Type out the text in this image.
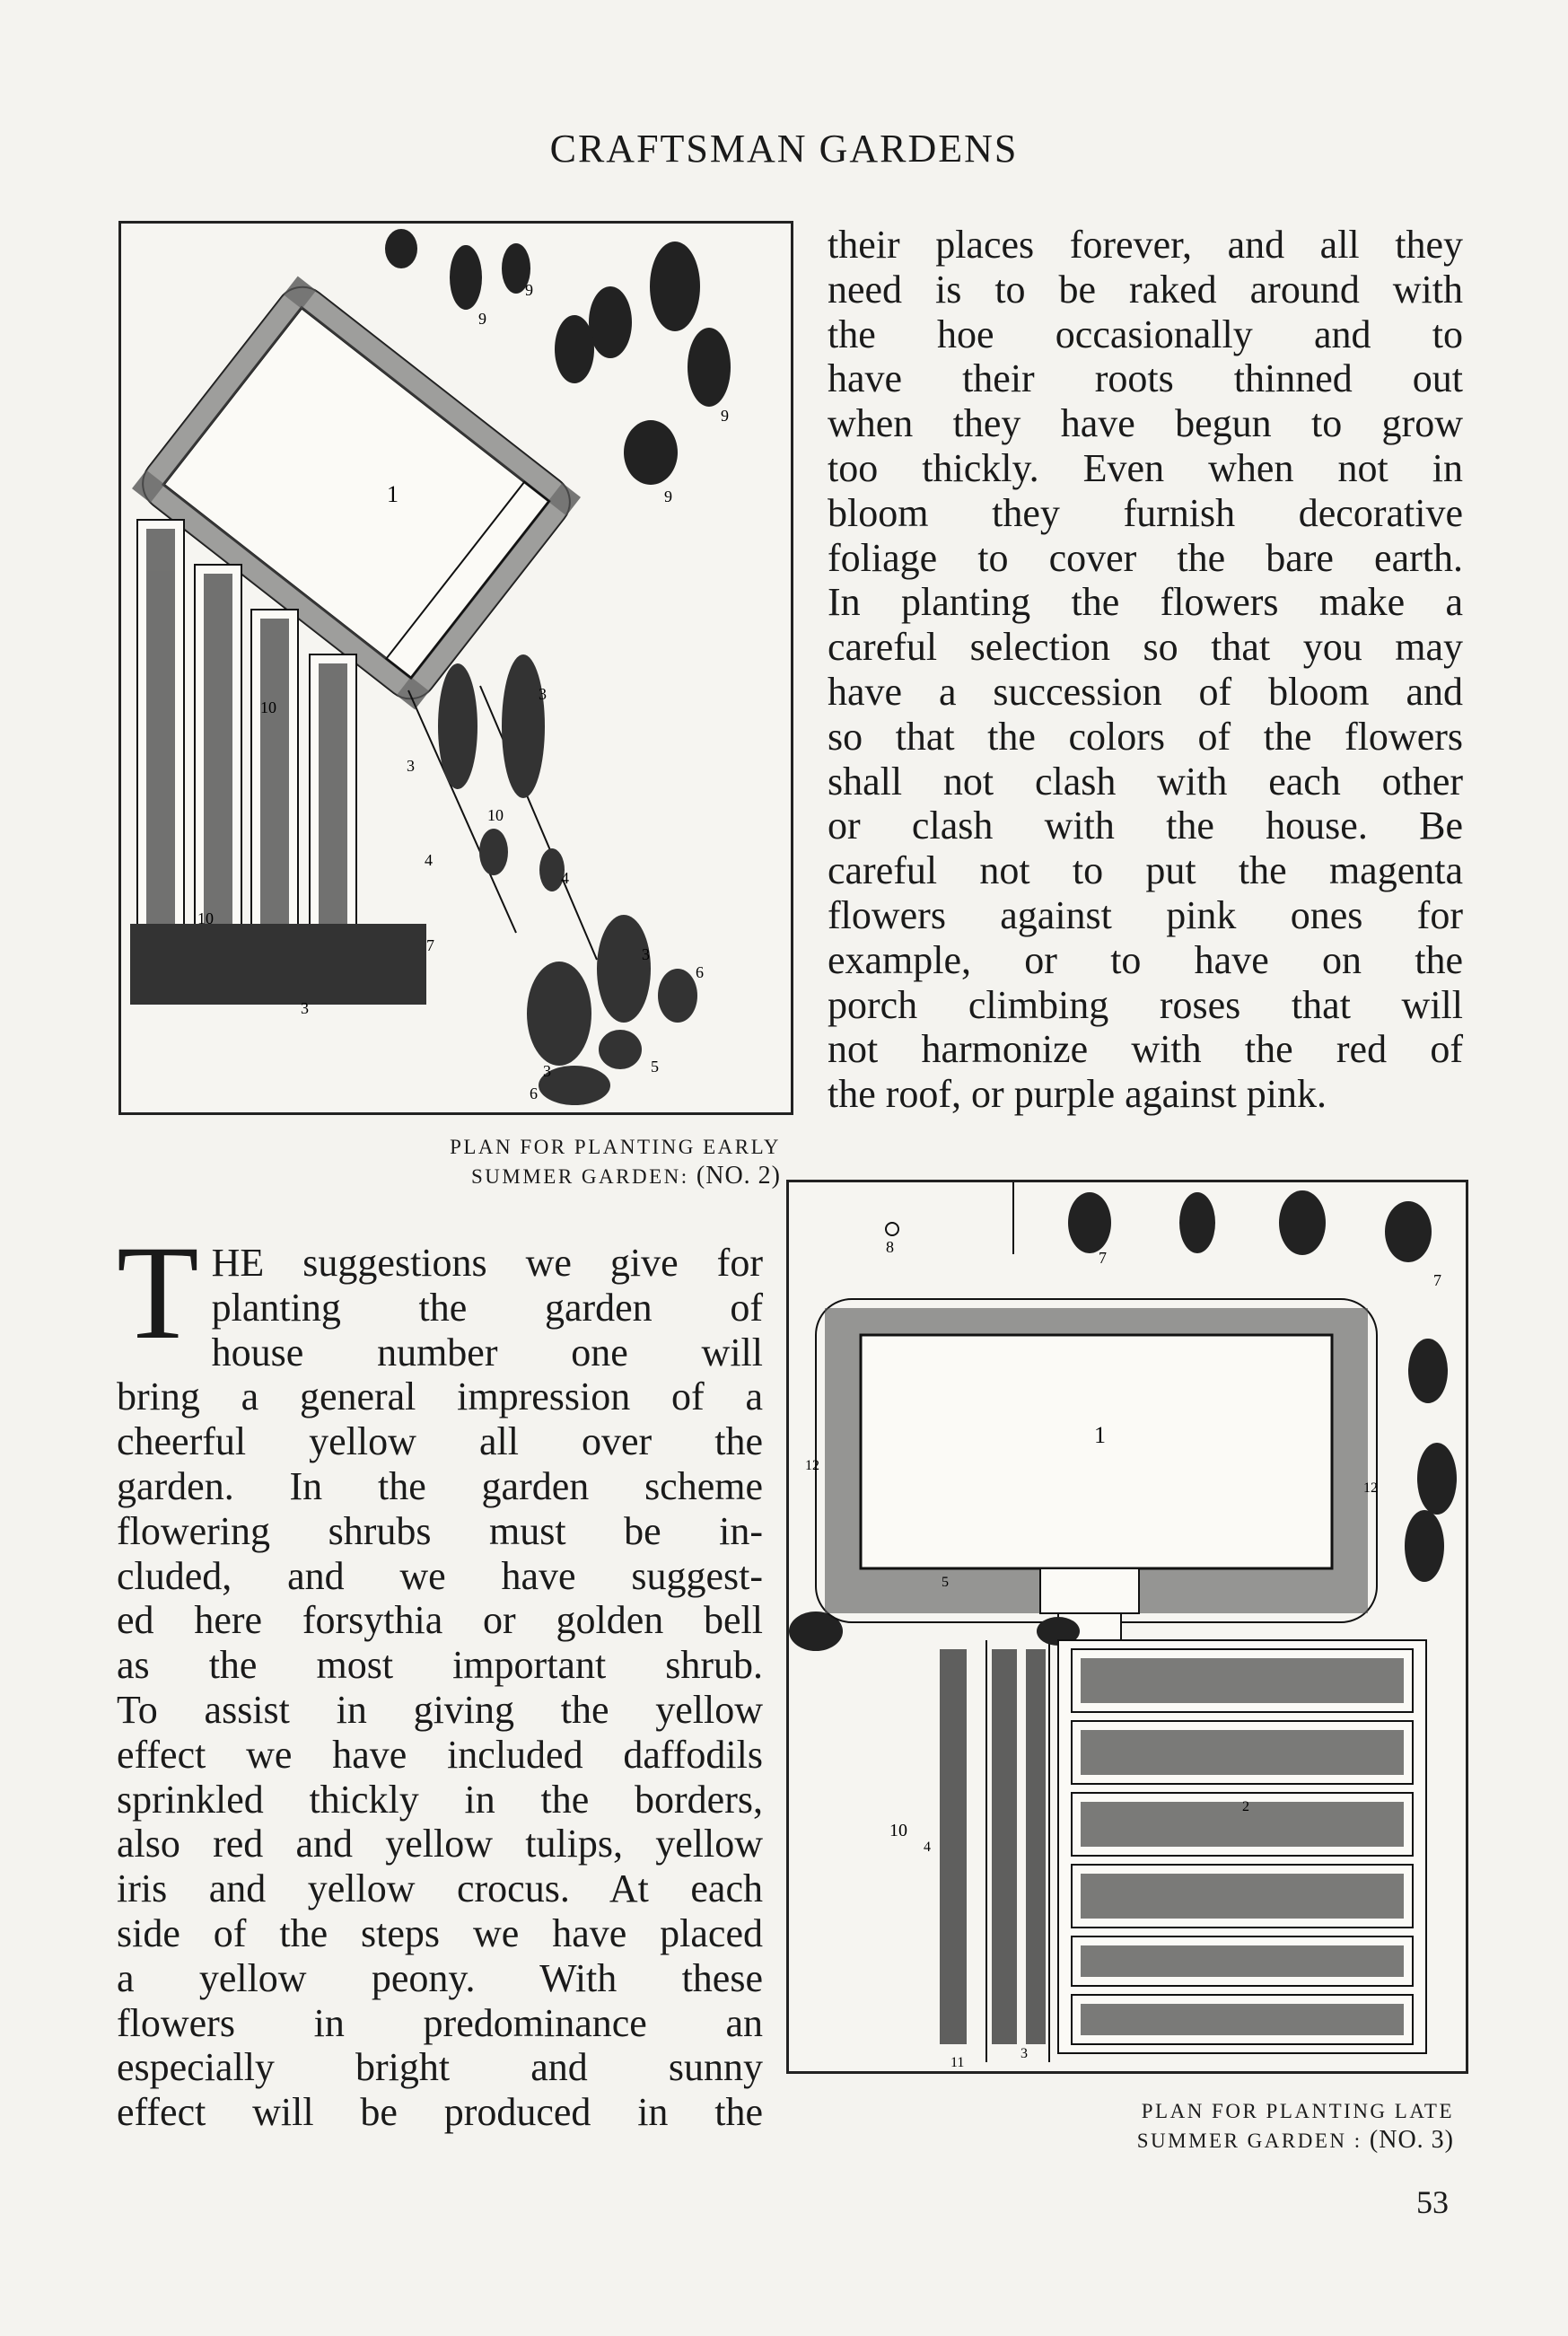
CRAFTSMAN GARDENS
1
9
9
9
9
10
10
3
7
3
3
4
10
4
3
3
6
5
6
PLAN FOR PLANTING EARLY
SUMMER GARDEN: (NO. 2)
their places forever, and all they
need is to be raked around with
the hoe occasionally and to
have their roots thinned out
when they have begun to grow
too thickly. Even when not in
bloom they furnish decorative
foliage to cover the bare earth.
In planting the flowers make a
careful selection so that you may
have a succession of bloom and
so that the colors of the flowers
shall not clash with each other
or clash with the house. Be
careful not to put the magenta
flowers against pink ones for
example, or to have on the
porch climbing roses that will
not harmonize with the red of
the roof, or purple against pink.
T HE suggestions we give for
planting the garden of
house number one will
bring a general impression of a
cheerful yellow all over the
garden. In the garden scheme
flowering shrubs must be in-
cluded, and we have suggest-
ed here forsythia or golden bell
as the most important shrub.
To assist in giving the yellow
effect we have included daffodils
sprinkled thickly in the borders,
also red and yellow tulips, yellow
iris and yellow crocus. At each
side of the steps we have placed
a yellow peony. With these
flowers in predominance an
especially bright and sunny
effect will be produced in the
8
7
7
1
12
12
10
4
11
3
2
5
PLAN FOR PLANTING LATE
SUMMER GARDEN : (NO. 3)
53
